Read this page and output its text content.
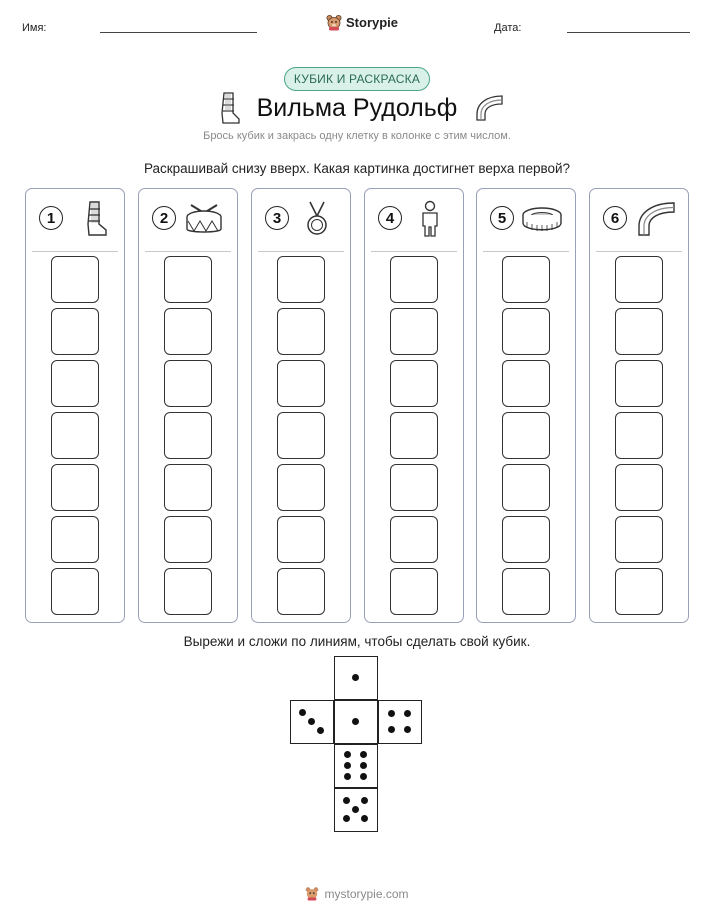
Имя:	Storypie	Дата:
КУБИК И РАСКРАСКА
Вильма Рудольф
Брось кубик и закрась одну клетку в колонке с этим числом.
Раскрашивай снизу вверх. Какая картинка достигнет верха первой?
1	2	3	4	5	6
Вырежи и сложи по линиям, чтобы сделать свой кубик.
mystorypie.com
